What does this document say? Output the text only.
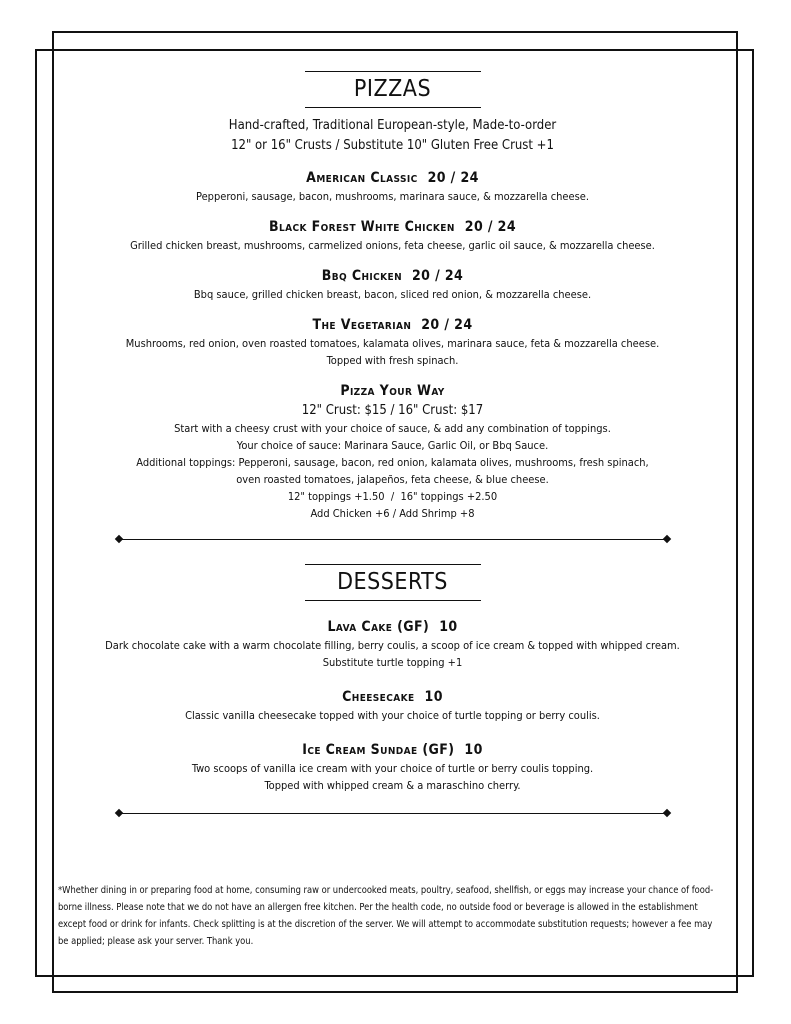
PIZZAS
Hand-crafted, Traditional European-style, Made-to-order
12" or 16" Crusts / Substitute 10" Gluten Free Crust +1
American Classic 20 / 24
Pepperoni, sausage, bacon, mushrooms, marinara sauce, & mozzarella cheese.
Black Forest White Chicken 20 / 24
Grilled chicken breast, mushrooms, carmelized onions, feta cheese, garlic oil sauce, & mozzarella cheese.
Bbq Chicken 20 / 24
Bbq sauce, grilled chicken breast, bacon, sliced red onion, & mozzarella cheese.
The Vegetarian 20 / 24
Mushrooms, red onion, oven roasted tomatoes, kalamata olives, marinara sauce, feta & mozzarella cheese.
Topped with fresh spinach.
Pizza Your Way
12" Crust: $15 / 16" Crust: $17
Start with a cheesy crust with your choice of sauce, & add any combination of toppings.
Your choice of sauce: Marinara Sauce, Garlic Oil, or Bbq Sauce.
Additional toppings: Pepperoni, sausage, bacon, red onion, kalamata olives, mushrooms, fresh spinach,
oven roasted tomatoes, jalapeños, feta cheese, & blue cheese.
12" toppings +1.50  /  16" toppings +2.50
Add Chicken +6 / Add Shrimp +8
DESSERTS
Lava Cake (GF) 10
Dark chocolate cake with a warm chocolate filling, berry coulis, a scoop of ice cream & topped with whipped cream.
Substitute turtle topping +1
Cheesecake 10
Classic vanilla cheesecake topped with your choice of turtle topping or berry coulis.
Ice Cream Sundae (GF) 10
Two scoops of vanilla ice cream with your choice of turtle or berry coulis topping.
Topped with whipped cream & a maraschino cherry.
*Whether dining in or preparing food at home, consuming raw or undercooked meats, poultry, seafood, shellfish, or eggs may increase your chance of food-borne illness. Please note that we do not have an allergen free kitchen. Per the health code, no outside food or beverage is allowed in the establishment except food or drink for infants. Check splitting is at the discretion of the server. We will attempt to accommodate substitution requests; however a fee may be applied; please ask your server. Thank you.
